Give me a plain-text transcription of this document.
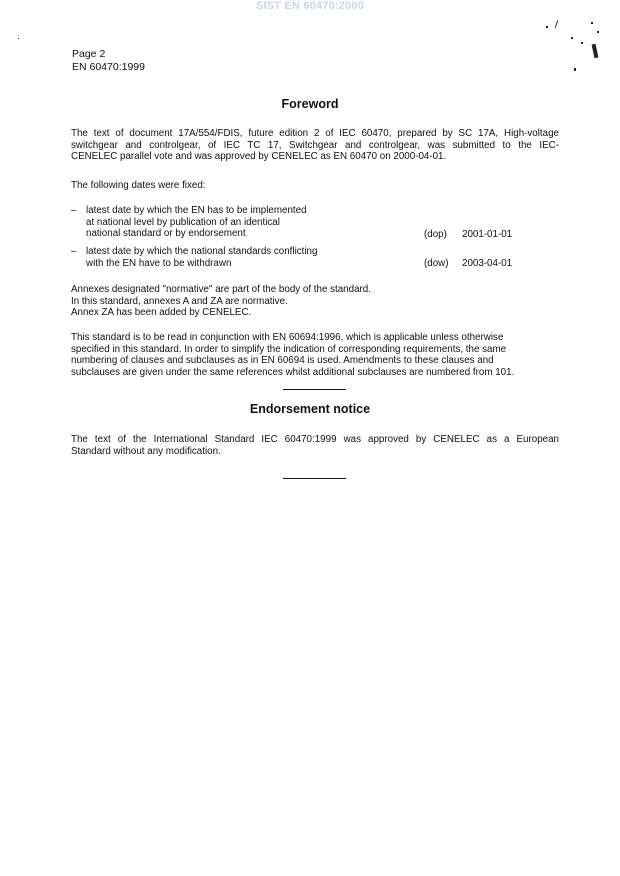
SIST EN 60470:2000
Page 2
EN 60470:1999
Foreword
The text of document 17A/554/FDIS, future edition 2 of IEC 60470, prepared by SC 17A, High-voltage
switchgear and controlgear, of IEC TC 17, Switchgear and controlgear, was submitted to the IEC-
CENELEC parallel vote and was approved by CENELEC as EN 60470 on 2000-04-01.
The following dates were fixed:
– latest date by which the EN has to be implemented
at national level by publication of an identical
national standard or by endorsement	(dop) 2001-01-01
– latest date by which the national standards conflicting
with the EN have to be withdrawn	(dow) 2003-04-01
Annexes designated "normative" are part of the body of the standard.
In this standard, annexes A and ZA are normative.
Annex ZA has been added by CENELEC.
This standard is to be read in conjunction with EN 60694:1996, which is applicable unless otherwise
specified in this standard. In order to simplify the indication of corresponding requirements, the same
numbering of clauses and subclauses as in EN 60694 is used. Amendments to these clauses and
subclauses are given under the same references whilst additional subclauses are numbered from 101.
Endorsement notice
The text of the International Standard IEC 60470:1999 was approved by CENELEC as a European
Standard without any modification.
